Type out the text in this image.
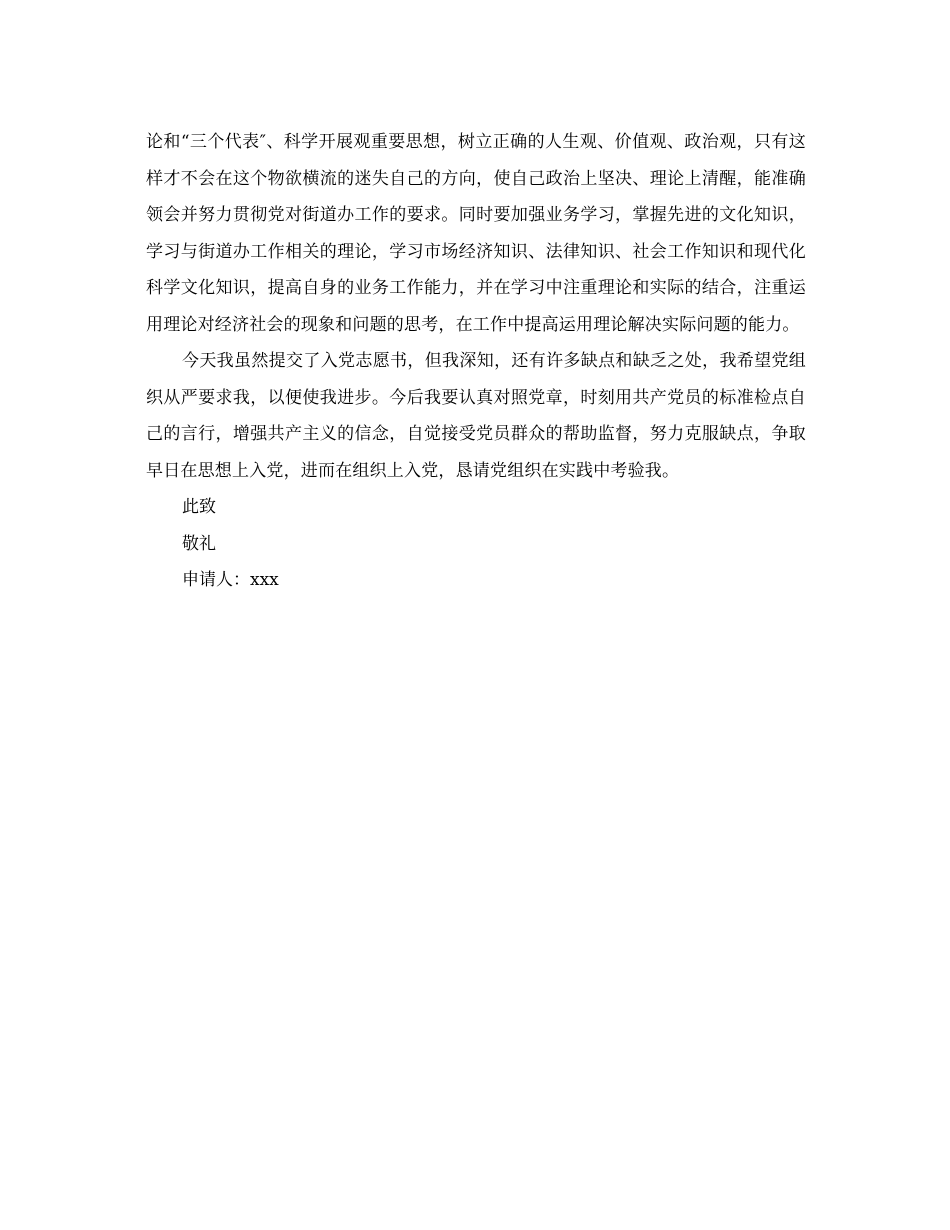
论和“三个代表″、科学开展观重要思想，树立正确的人生观、价值观、政治观，只有这样才不会在这个物欲横流的迷失自己的方向，使自己政治上坚决、理论上清醒，能准确领会并努力贯彻党对街道办工作的要求。同时要加强业务学习，掌握先进的文化知识，学习与街道办工作相关的理论，学习市场经济知识、法律知识、社会工作知识和现代化科学文化知识，提高自身的业务工作能力，并在学习中注重理论和实际的结合，注重运用理论对经济社会的现象和问题的思考，在工作中提高运用理论解决实际问题的能力。

今天我虽然提交了入党志愿书，但我深知，还有许多缺点和缺乏之处，我希望党组织从严要求我，以便使我进步。今后我要认真对照党章，时刻用共产党员的标准检点自己的言行，增强共产主义的信念，自觉接受党员群众的帮助监督，努力克服缺点，争取早日在思想上入党，进而在组织上入党，恳请党组织在实践中考验我。

此致

敬礼

申请人：xxx
